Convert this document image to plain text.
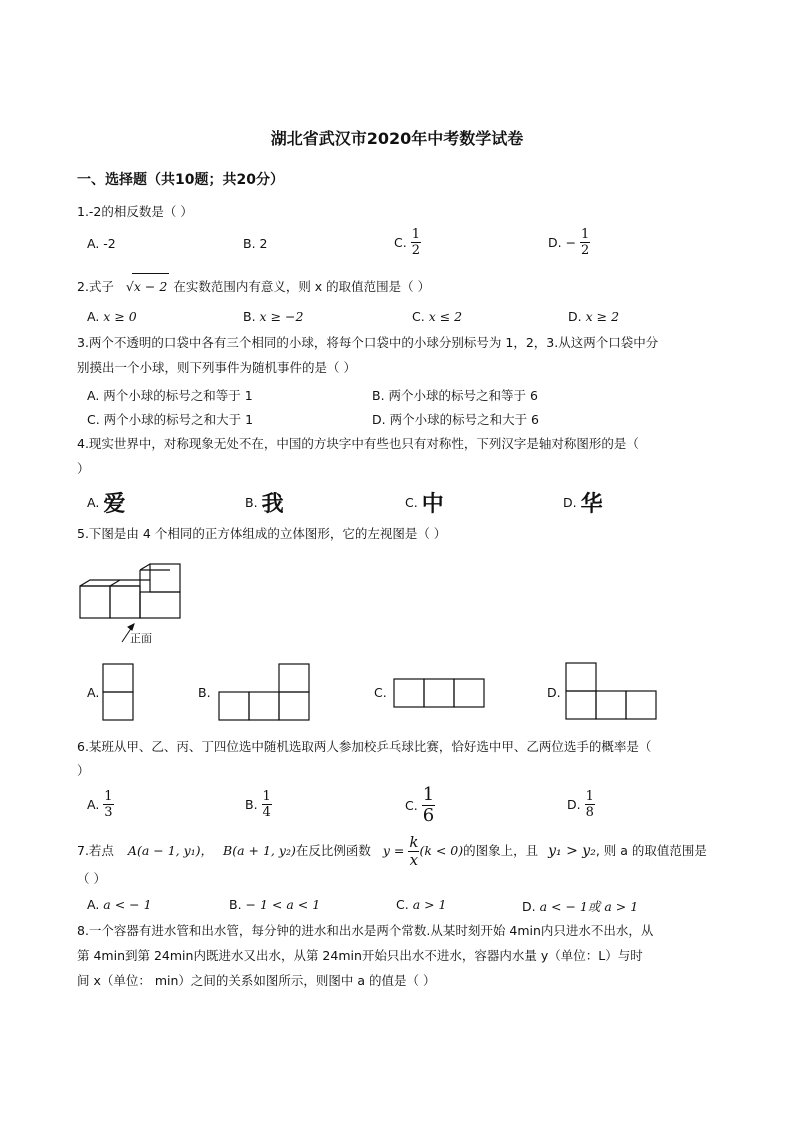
湖北省武汉市2020年中考数学试卷
一、选择题（共10题；共20分）
1.-2的相反数是（ ）
A. -2	B. 2	C. $\frac{1}{2}$	D. − $\frac{1}{2}$
2.式子 √x − 2 在实数范围内有意义，则 x 的取值范围是（ ）
A. x ≥ 0	B. x ≥ −2	C. x ≤ 2	D. x ≥ 2
3.两个不透明的口袋中各有三个相同的小球，将每个口袋中的小球分别标号为 1，2，3.从这两个口袋中分
别摸出一个小球，则下列事件为随机事件的是（ ）
A. 两个小球的标号之和等于 1	B. 两个小球的标号之和等于 6
C. 两个小球的标号之和大于 1	D. 两个小球的标号之和大于 6
4.现实世界中，对称现象无处不在，中国的方块字中有些也只有对称性，下列汉字是轴对称图形的是（
）
A. 爱	B. 我	C. 中	D. 华
5.下图是由 4 个相同的正方体组成的立体图形，它的左视图是（ ）
正面
A.	B.	C.	D.
6.某班从甲、乙、丙、丁四位选中随机选取两人参加校乒乓球比赛，恰好选中甲、乙两位选手的概率是（
）
A. $\frac{1}{3}$	B. $\frac{1}{4}$	C. $\frac{1}{6}$	D. $\frac{1}{8}$
7.若点 A(a − 1, y₁)， B(a + 1, y₂)在反比例函数 $y = \frac{k}{x} (k < 0)$的图象上，且 y₁ > y₂, 则 a 的取值范围是
（ ）
A. a < − 1	B. − 1 < a < 1	C. a > 1	D. a < − 1或 a > 1
8.一个容器有进水管和出水管，每分钟的进水和出水是两个常数.从某时刻开始 4min内只进水不出水，从
第 4min到第 24min内既进水又出水，从第 24min开始只出水不进水，容器内水量 y（单位：L）与时
间 x（单位： min）之间的关系如图所示，则图中 a 的值是（ ）
